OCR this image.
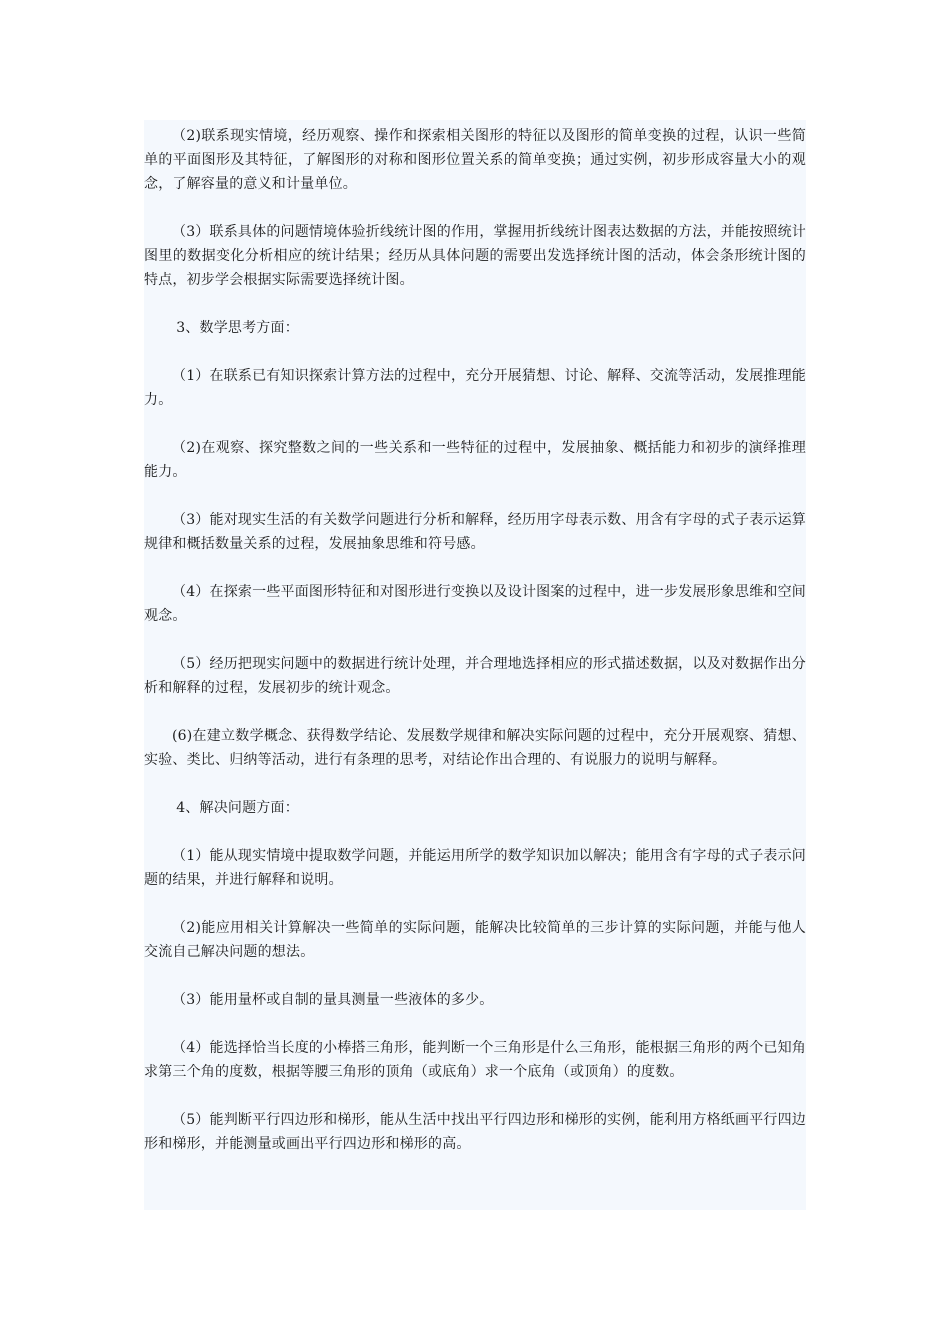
（2)联系现实情境，经历观察、操作和探索相关图形的特征以及图形的简单变换的过程，认识一些简单的平面图形及其特征，了解图形的对称和图形位置关系的简单变换；通过实例，初步形成容量大小的观念，了解容量的意义和计量单位。

（3）联系具体的问题情境体验折线统计图的作用，掌握用折线统计图表达数据的方法，并能按照统计图里的数据变化分析相应的统计结果；经历从具体问题的需要出发选择统计图的活动，体会条形统计图的特点，初步学会根据实际需要选择统计图。

3、数学思考方面：

（1）在联系已有知识探索计算方法的过程中，充分开展猜想、讨论、解释、交流等活动，发展推理能力。

（2)在观察、探究整数之间的一些关系和一些特征的过程中，发展抽象、概括能力和初步的演绎推理能力。

（3）能对现实生活的有关数学问题进行分析和解释，经历用字母表示数、用含有字母的式子表示运算规律和概括数量关系的过程，发展抽象思维和符号感。

（4）在探索一些平面图形特征和对图形进行变换以及设计图案的过程中，进一步发展形象思维和空间观念。

（5）经历把现实问题中的数据进行统计处理，并合理地选择相应的形式描述数据，以及对数据作出分析和解释的过程，发展初步的统计观念。

(6)在建立数学概念、获得数学结论、发展数学规律和解决实际问题的过程中，充分开展观察、猜想、实验、类比、归纳等活动，进行有条理的思考，对结论作出合理的、有说服力的说明与解释。

4、解决问题方面：

（1）能从现实情境中提取数学问题，并能运用所学的数学知识加以解决；能用含有字母的式子表示问题的结果，并进行解释和说明。

（2)能应用相关计算解决一些简单的实际问题，能解决比较简单的三步计算的实际问题，并能与他人交流自己解决问题的想法。

（3）能用量杯或自制的量具测量一些液体的多少。

（4）能选择恰当长度的小棒搭三角形，能判断一个三角形是什么三角形，能根据三角形的两个已知角求第三个角的度数，根据等腰三角形的顶角（或底角）求一个底角（或顶角）的度数。

（5）能判断平行四边形和梯形，能从生活中找出平行四边形和梯形的实例，能利用方格纸画平行四边形和梯形，并能测量或画出平行四边形和梯形的高。
